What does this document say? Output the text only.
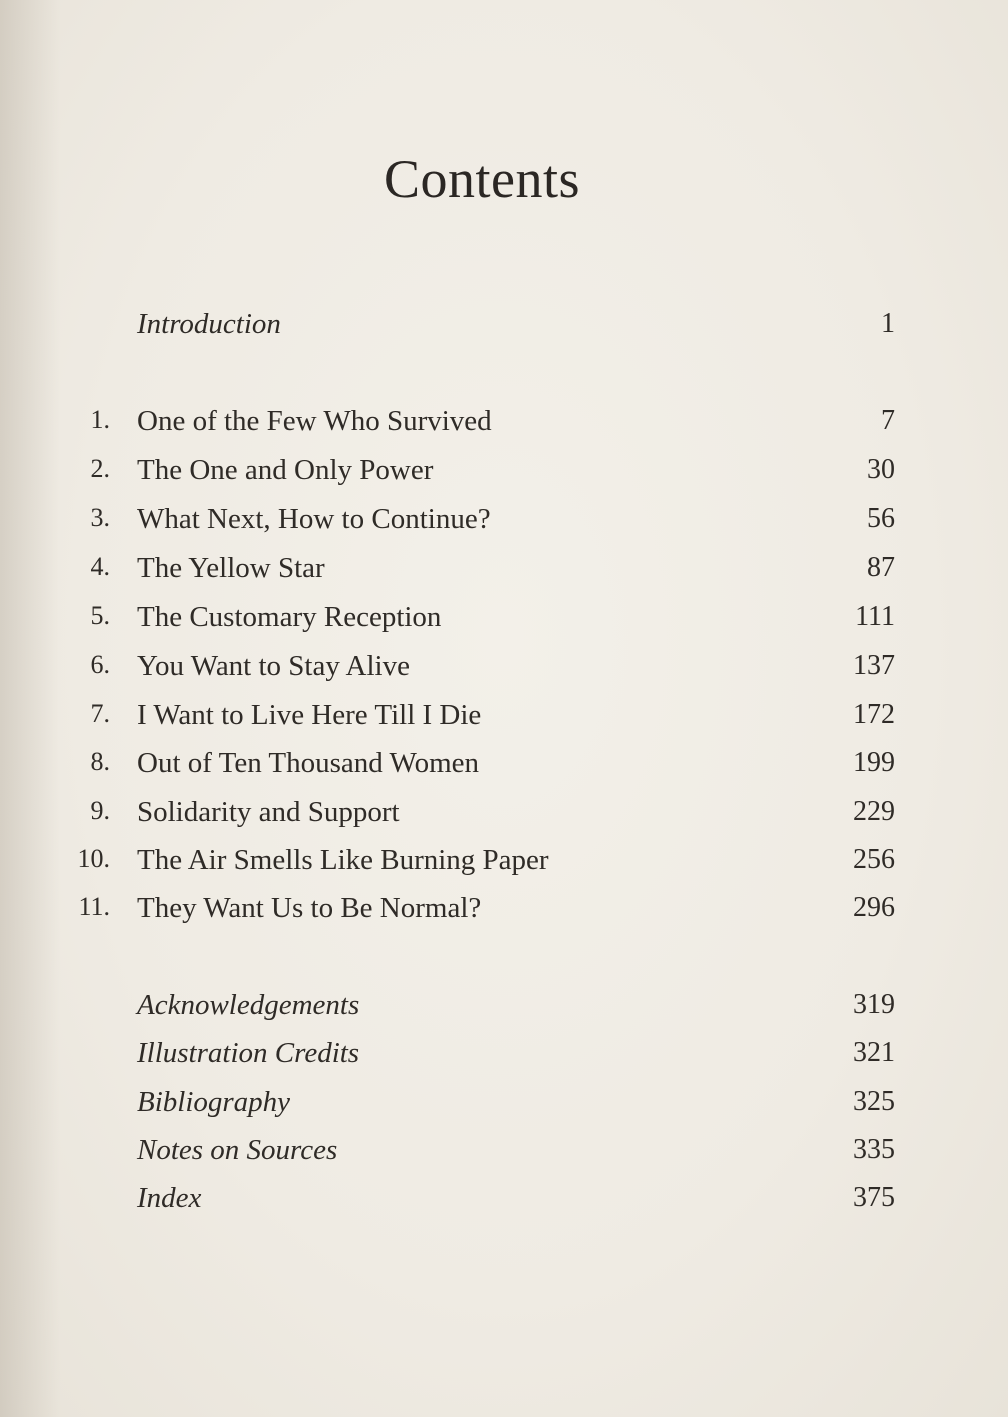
Contents
Introduction	1
1. One of the Few Who Survived	7
2. The One and Only Power	30
3. What Next, How to Continue?	56
4. The Yellow Star	87
5. The Customary Reception	111
6. You Want to Stay Alive	137
7. I Want to Live Here Till I Die	172
8. Out of Ten Thousand Women	199
9. Solidarity and Support	229
10. The Air Smells Like Burning Paper	256
11. They Want Us to Be Normal?	296
Acknowledgements	319
Illustration Credits	321
Bibliography	325
Notes on Sources	335
Index	375
